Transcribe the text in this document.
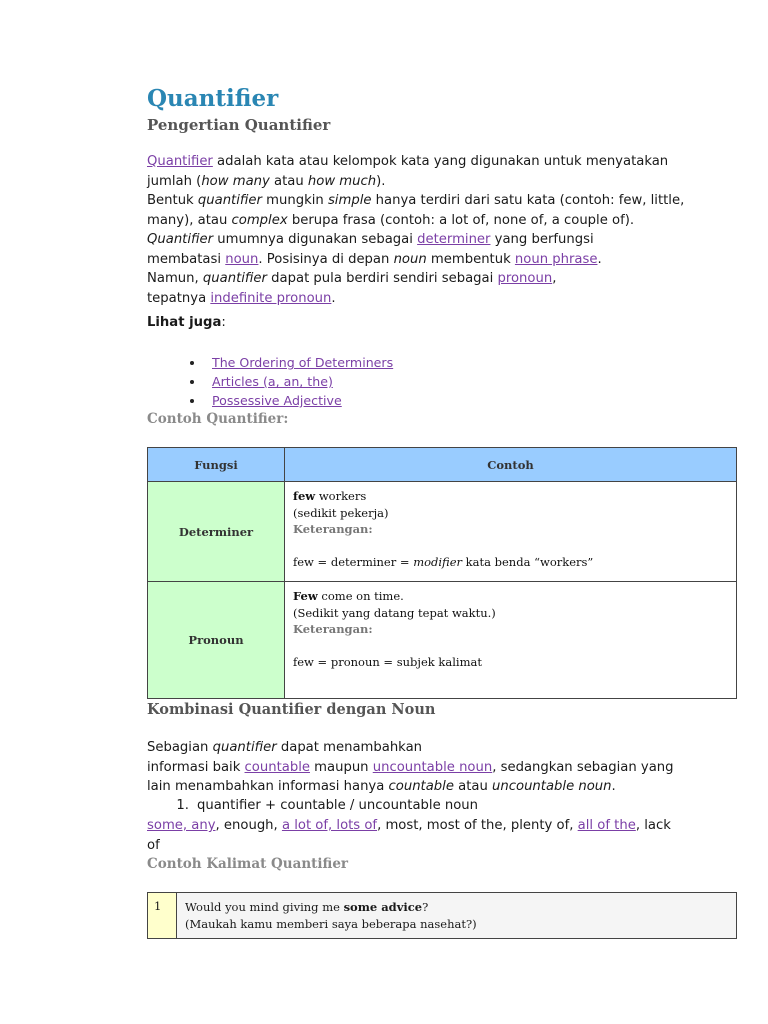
Quantifier
Pengertian Quantifier

Quantifier adalah kata atau kelompok kata yang digunakan untuk menyatakan
jumlah (how many atau how much).
Bentuk quantifier mungkin simple hanya terdiri dari satu kata (contoh: few, little,
many), atau complex berupa frasa (contoh: a lot of, none of, a couple of).
Quantifier umumnya digunakan sebagai determiner yang berfungsi
membatasi noun. Posisinya di depan noun membentuk noun phrase.
Namun, quantifier dapat pula berdiri sendiri sebagai pronoun,
tepatnya indefinite pronoun.

Lihat juga:
The Ordering of Determiners
Articles (a, an, the)
Possessive Adjective
Contoh Quantifier:
Fungsi	Contoh
Determiner	few workers
(sedikit pekerja)

Keterangan:
few = determiner = modifier kata benda “workers”
Pronoun	Few come on time.
(Sedikit yang datang tepat waktu.)

Keterangan:
few = pronoun = subjek kalimat
Kombinasi Quantifier dengan Noun

Sebagian quantifier dapat menambahkan
informasi baik countable maupun uncountable noun, sedangkan sebagian yang
lain menambahkan informasi hanya countable atau uncountable noun.

1. quantifier + countable / uncountable noun

some, any, enough, a lot of, lots of, most, most of the, plenty of, all of the, lack
of

Contoh Kalimat Quantifier
1	Would you mind giving me some advice?
(Maukah kamu memberi saya beberapa nasehat?)
